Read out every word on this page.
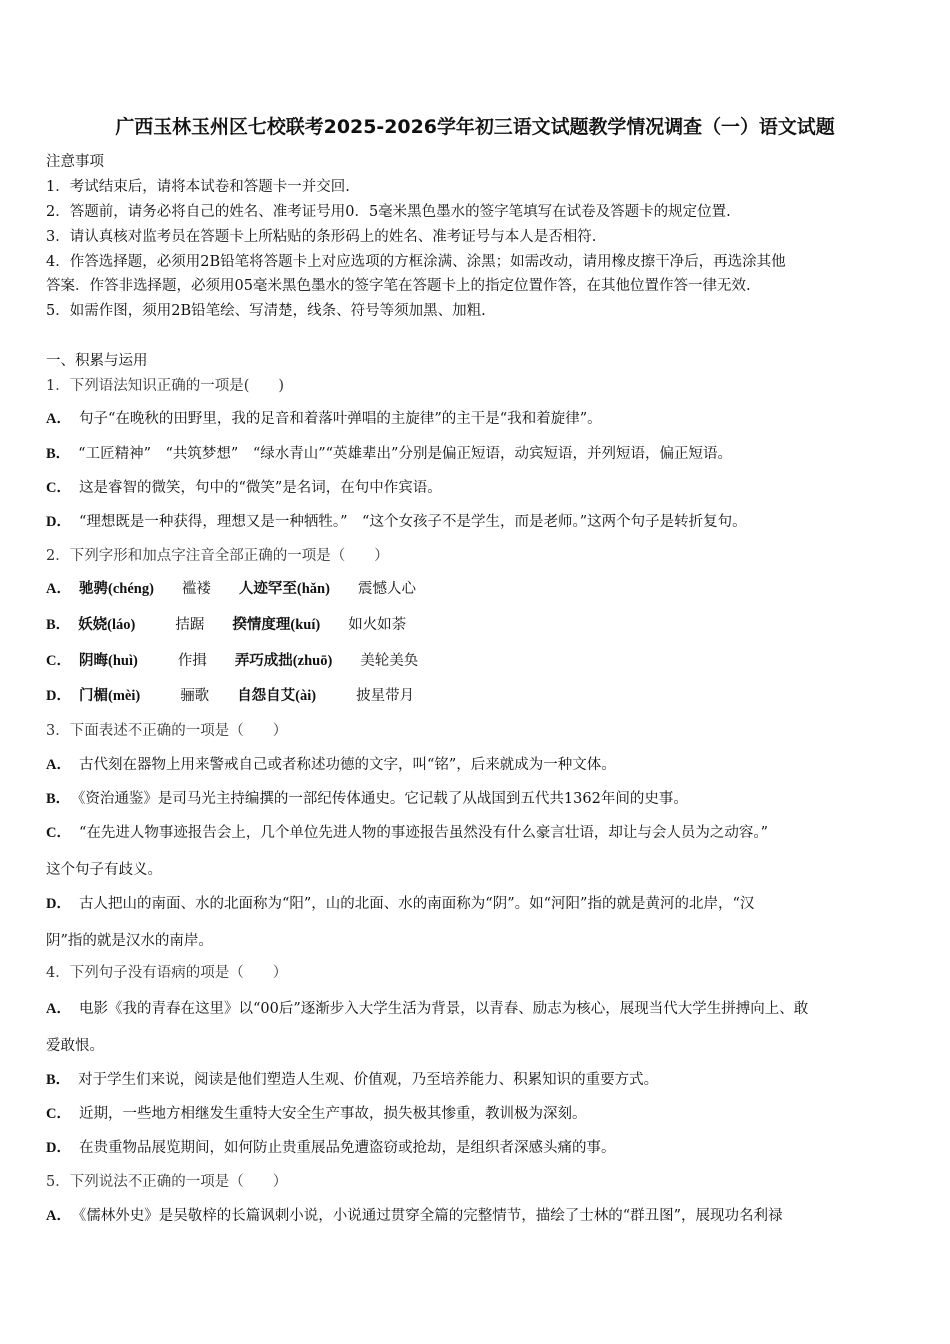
广西玉林玉州区七校联考2025-2026学年初三语文试题教学情况调查（一）语文试题
注意事项
1．考试结束后，请将本试卷和答题卡一并交回.
2．答题前，请务必将自己的姓名、准考证号用0．5毫米黑色墨水的签字笔填写在试卷及答题卡的规定位置.
3．请认真核对监考员在答题卡上所粘贴的条形码上的姓名、准考证号与本人是否相符.
4．作答选择题，必须用2B铅笔将答题卡上对应选项的方框涂满、涂黑；如需改动，请用橡皮擦干净后，再选涂其他
答案．作答非选择题，必须用05毫米黑色墨水的签字笔在答题卡上的指定位置作答，在其他位置作答一律无效.
5．如需作图，须用2B铅笔绘、写清楚，线条、符号等须加黑、加粗.
一、积累与运用
1．下列语法知识正确的一项是(　　)
A． 句子“在晚秋的田野里，我的足音和着落叶弹唱的主旋律”的主干是“我和着旋律”。
B． “工匠精神”　“共筑梦想”　“绿水青山”“英雄辈出”分别是偏正短语，动宾短语，并列短语，偏正短语。
C． 这是睿智的微笑，句中的“微笑”是名词，在句中作宾语。
D． “理想既是一种获得，理想又是一种牺牲。”　“这个女孩子不是学生，而是老师。”这两个句子是转折复句。
2．下列字形和加点字注音全部正确的一项是（　　）
A． 驰骋(chéng) 褴褛 人迹罕至(hǎn) 震憾人心
B． 妖娆(láo)	拮踞 揆情度理(kuí) 如火如荼
C． 阴晦(huì)	作揖 弄巧成拙(zhuō) 美轮美奂
D． 门楣(mèi)	骊歌 自怨自艾(ài)	披星带月
3．下面表述不正确的一项是（　　）
A． 古代刻在器物上用来警戒自己或者称述功德的文字，叫“铭”，后来就成为一种文体。
B． 《资治通鉴》是司马光主持编撰的一部纪传体通史。它记载了从战国到五代共1362年间的史事。
C． “在先进人物事迹报告会上，几个单位先进人物的事迹报告虽然没有什么豪言壮语，却让与会人员为之动容。”
这个句子有歧义。
D． 古人把山的南面、水的北面称为“阳”，山的北面、水的南面称为“阴”。如“河阳”指的就是黄河的北岸，“汉
阴”指的就是汉水的南岸。
4．下列句子没有语病的项是（　　）
A． 电影《我的青春在这里》以“00后”逐渐步入大学生活为背景，以青春、励志为核心，展现当代大学生拼搏向上、敢
爱敢恨。
B． 对于学生们来说，阅读是他们塑造人生观、价值观，乃至培养能力、积累知识的重要方式。
C． 近期，一些地方相继发生重特大安全生产事故，损失极其惨重，教训极为深刻。
D． 在贵重物品展览期间，如何防止贵重展品免遭盗窃或抢劫，是组织者深感头痛的事。
5．下列说法不正确的一项是（　　）
A． 《儒林外史》是吴敬梓的长篇讽刺小说，小说通过贯穿全篇的完整情节，描绘了士林的“群丑图”，展现功名利禄
